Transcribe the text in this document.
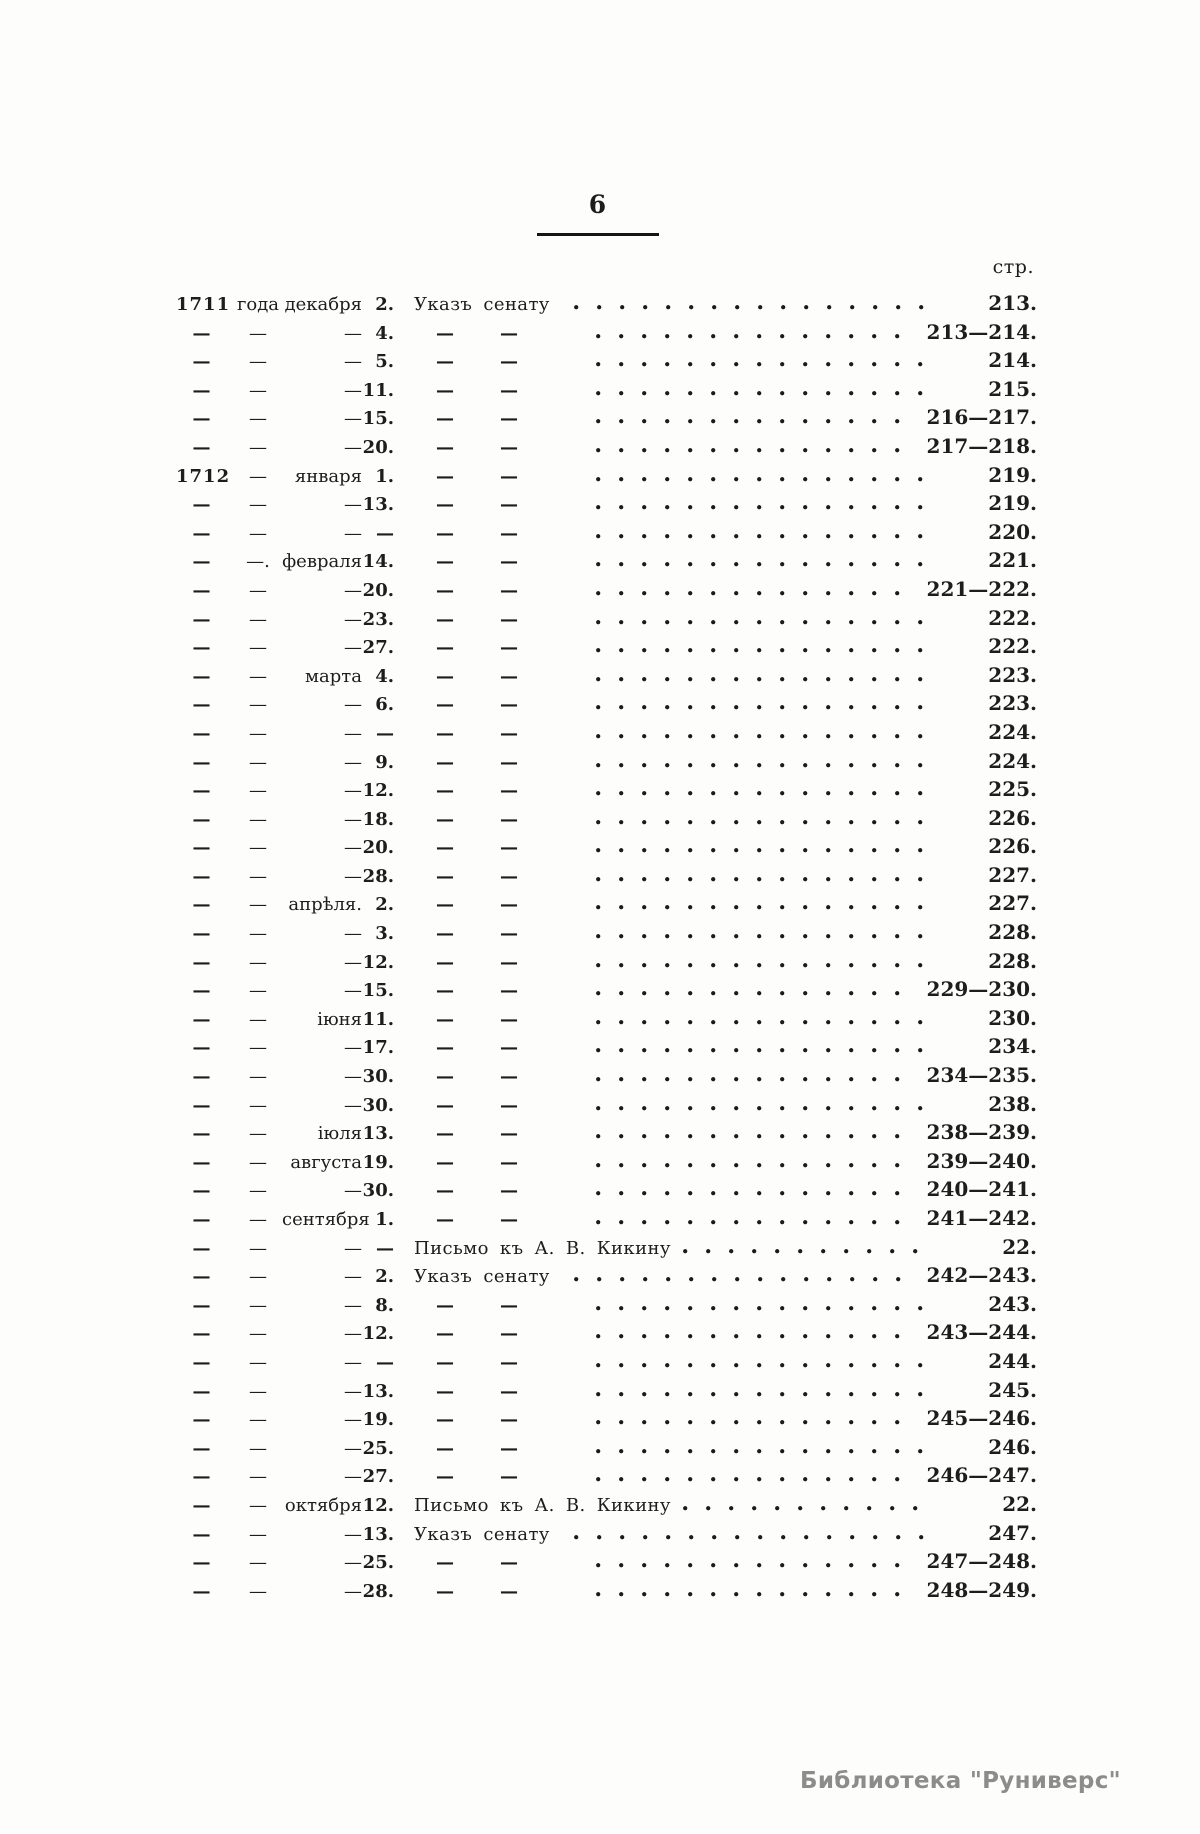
6
стр.
1711 года декабря 2.	Указъ сенату	213.
—	—	— 4. —	—	213—214.
—	—	— 5. —	—	214.
—	—	— 11. —	—	215.
—	—	— 15. —	—	216—217.
—	—	— 20. —	—	217—218.
1712	—	января 1. —	—	219.
—	—	— 13. —	—	219.
—	—	— — —	—	220.
—	—. февраля 14. —	—	221.
—	—	— 20. —	—	221—222.
—	—	— 23. —	—	222.
—	—	— 27. —	—	222.
—	—	марта 4. —	—	223.
—	—	— 6. —	—	223.
—	—	— — —	—	224.
—	—	— 9. —	—	224.
—	—	— 12. —	—	225.
—	—	— 18. —	—	226.
—	—	— 20. —	—	226.
—	—	— 28. —	—	227.
—	—	апрѣля. 2. —	—	227.
—	—	— 3. —	—	228.
—	—	— 12. —	—	228.
—	—	— 15. —	—	229—230.
—	—	іюня 11. —	—	230.
—	—	— 17. —	—	234.
—	—	— 30. —	—	234—235.
—	—	— 30. —	—	238.
—	—	іюля 13. —	—	238—239.
—	—	августа 19. —	—	239—240.
—	—	— 30. —	—	240—241.
—	— сентября 1. —	—	241—242.
—	—	— —	Письмо къ А. В. Кикину	22.
—	—	— 2.	Указъ сенату	242—243.
—	—	— 8. —	—	243.
—	—	— 12. —	—	243—244.
—	—	— — —	—	244.
—	—	— 13. —	—	245.
—	—	— 19. —	—	245—246.
—	—	— 25. —	—	246.
—	—	— 27. —	—	246—247.
—	— октября 12.	Письмо къ А. В. Кикину	22.
—	—	— 13.	Указъ сенату	247.
—	—	— 25. —	—	247—248.
—	—	— 28. —	—	248—249.
Библиотека "Руниверс"
